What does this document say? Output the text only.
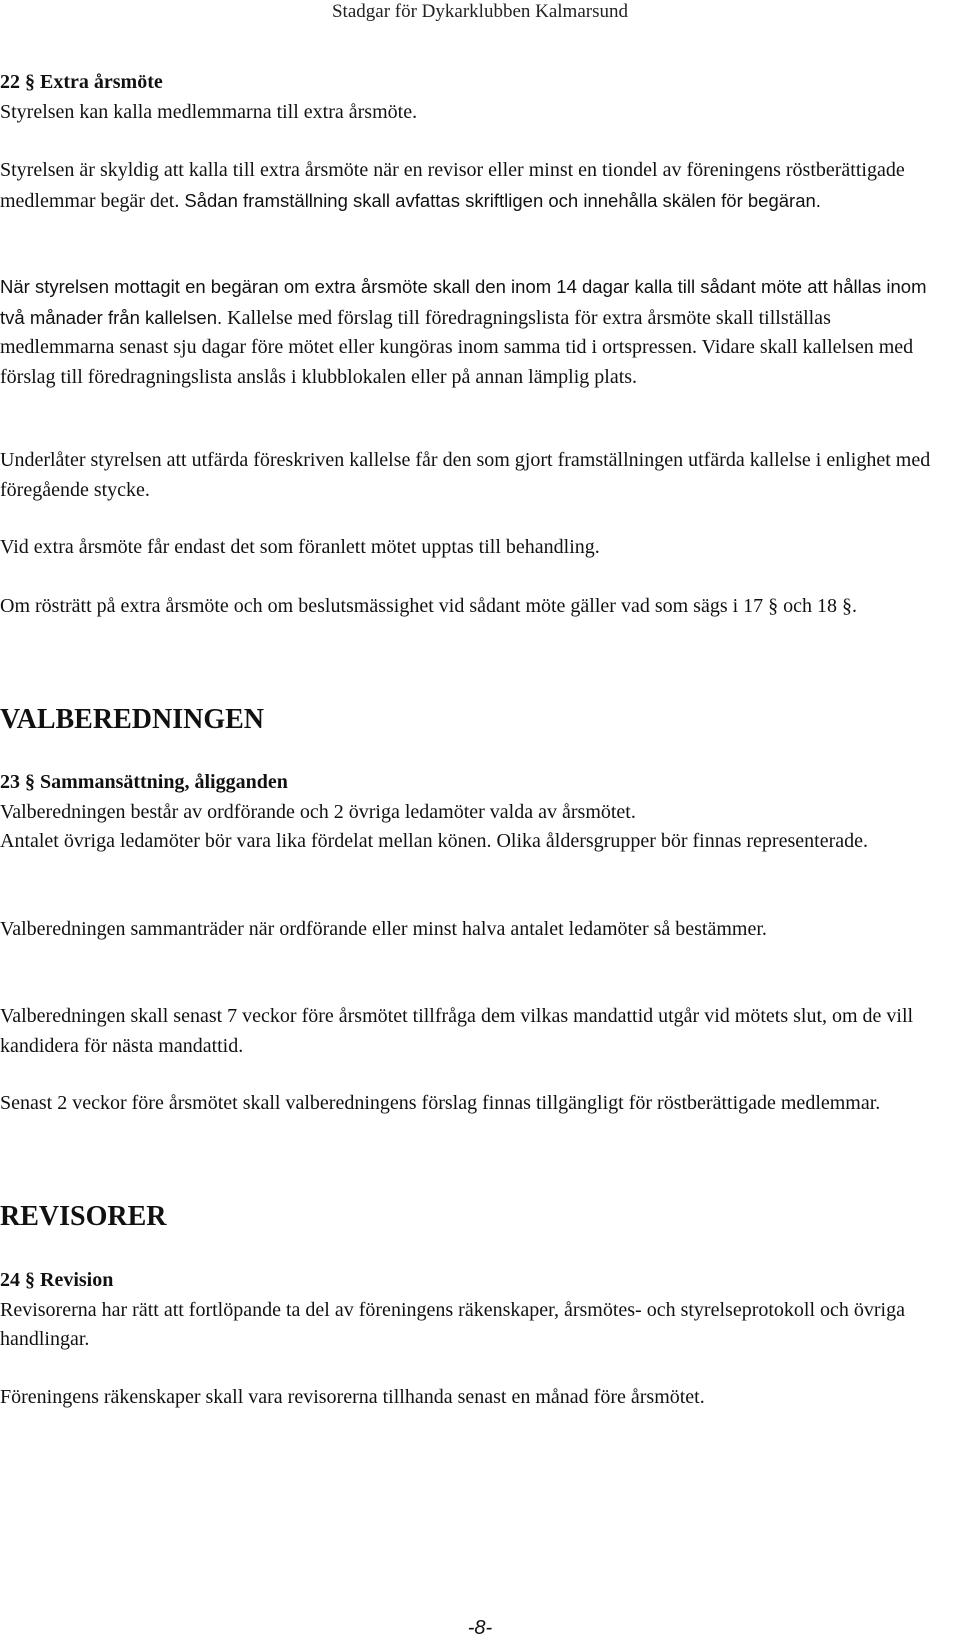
Stadgar för Dykarklubben Kalmarsund

22 § Extra årsmöte

Styrelsen kan kalla medlemmarna till extra årsmöte.

Styrelsen är skyldig att kalla till extra årsmöte när en revisor eller minst en tiondel av föreningens röstberättigade medlemmar begär det. Sådan framställning skall avfattas skriftligen och innehålla skälen för begäran.

När styrelsen mottagit en begäran om extra årsmöte skall den inom 14 dagar kalla till sådant möte att hållas inom två månader från kallelsen. Kallelse med förslag till föredragningslista för extra årsmöte skall tillställas medlemmarna senast sju dagar före mötet eller kungöras inom samma tid i ortspressen. Vidare skall kallelsen med förslag till föredragningslista anslås i klubblokalen eller på annan lämplig plats.

Underlåter styrelsen att utfärda föreskriven kallelse får den som gjort framställningen utfärda kallelse i enlighet med föregående stycke.

Vid extra årsmöte får endast det som föranlett mötet upptas till behandling.

Om rösträtt på extra årsmöte och om beslutsmässighet vid sådant möte gäller vad som sägs i 17 § och 18 §.

VALBEREDNINGEN

23 § Sammansättning, åligganden

Valberedningen består av ordförande och 2 övriga ledamöter valda av årsmötet.

Antalet övriga ledamöter bör vara lika fördelat mellan könen. Olika åldersgrupper bör finnas representerade.

Valberedningen sammanträder när ordförande eller minst halva antalet ledamöter så bestämmer.

Valberedningen skall senast 7 veckor före årsmötet tillfråga dem vilkas mandattid utgår vid mötets slut, om de vill kandidera för nästa mandattid.

Senast 2 veckor före årsmötet skall valberedningens förslag finnas tillgängligt för röstberättigade medlemmar.

REVISORER

24 § Revision

Revisorerna har rätt att fortlöpande ta del av föreningens räkenskaper, årsmötes- och styrelseprotokoll och övriga handlingar.

Föreningens räkenskaper skall vara revisorerna tillhanda senast en månad före årsmötet.

-8-
